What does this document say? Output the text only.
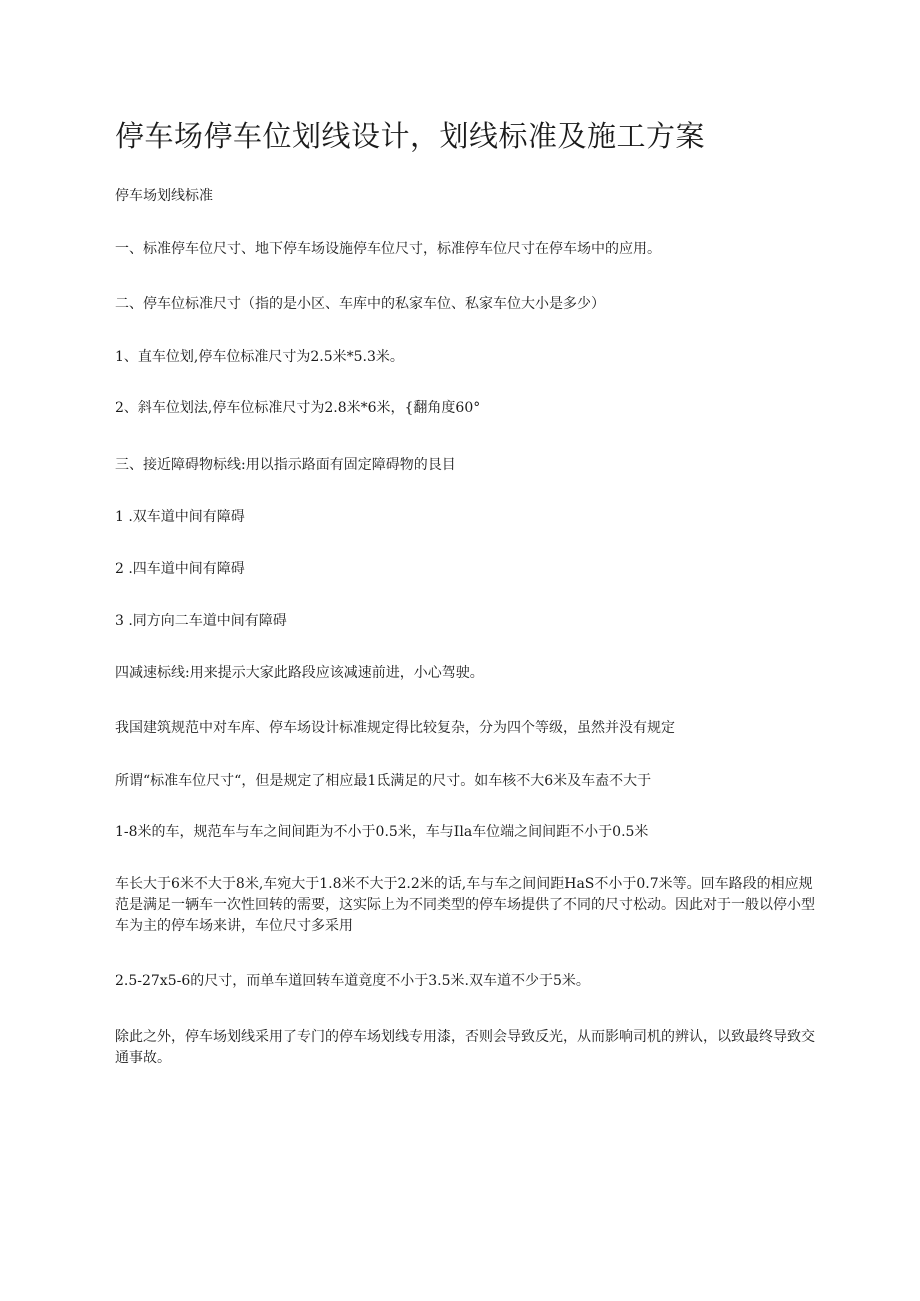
停车场停车位划线设计，划线标准及施工方案

停车场划线标准

一、标准停车位尺寸、地下停车场设施停车位尺寸，标准停车位尺寸在停车场中的应用。

二、停车位标准尺寸（指的是小区、车库中的私家车位、私家车位大小是多少）

1、直车位划,停车位标准尺寸为2.5米*5.3米。

2、斜车位划法,停车位标准尺寸为2.8米*6米，{翻角度60°

三、接近障碍物标线:用以指示路面有固定障碍物的艮目

1 .双车道中间有障碍

2 .四车道中间有障碍

3 .同方向二车道中间有障碍

四减速标线:用来提示大家此路段应该减速前进，小心驾驶。

我国建筑规范中对车库、停车场设计标准规定得比较复杂，分为四个等级，虽然并没有规定

所谓“标准车位尺寸“，但是规定了相应最1氐满足的尺寸。如车核不大6米及车盍不大于

1-8米的车，规范车与车之间间距为不小于0.5米，车与Ila车位端之间间距不小于0.5米

车长大于6米不大于8米,车宛大于1.8米不大于2.2米的话,车与车之间间距HaS不小于0.7米等。回车路段的相应规范是满足一辆车一次性回转的需要，这实际上为不同类型的停车场提供了不同的尺寸松动。因此对于一般以停小型车为主的停车场来讲，车位尺寸多采用

2.5-27x5-6的尺寸，而单车道回转车道竟度不小于3.5米.双车道不少于5米。

除此之外，停车场划线采用了专门的停车场划线专用漆，否则会导致反光，从而影响司机的辨认，以致最终导致交通事故。
